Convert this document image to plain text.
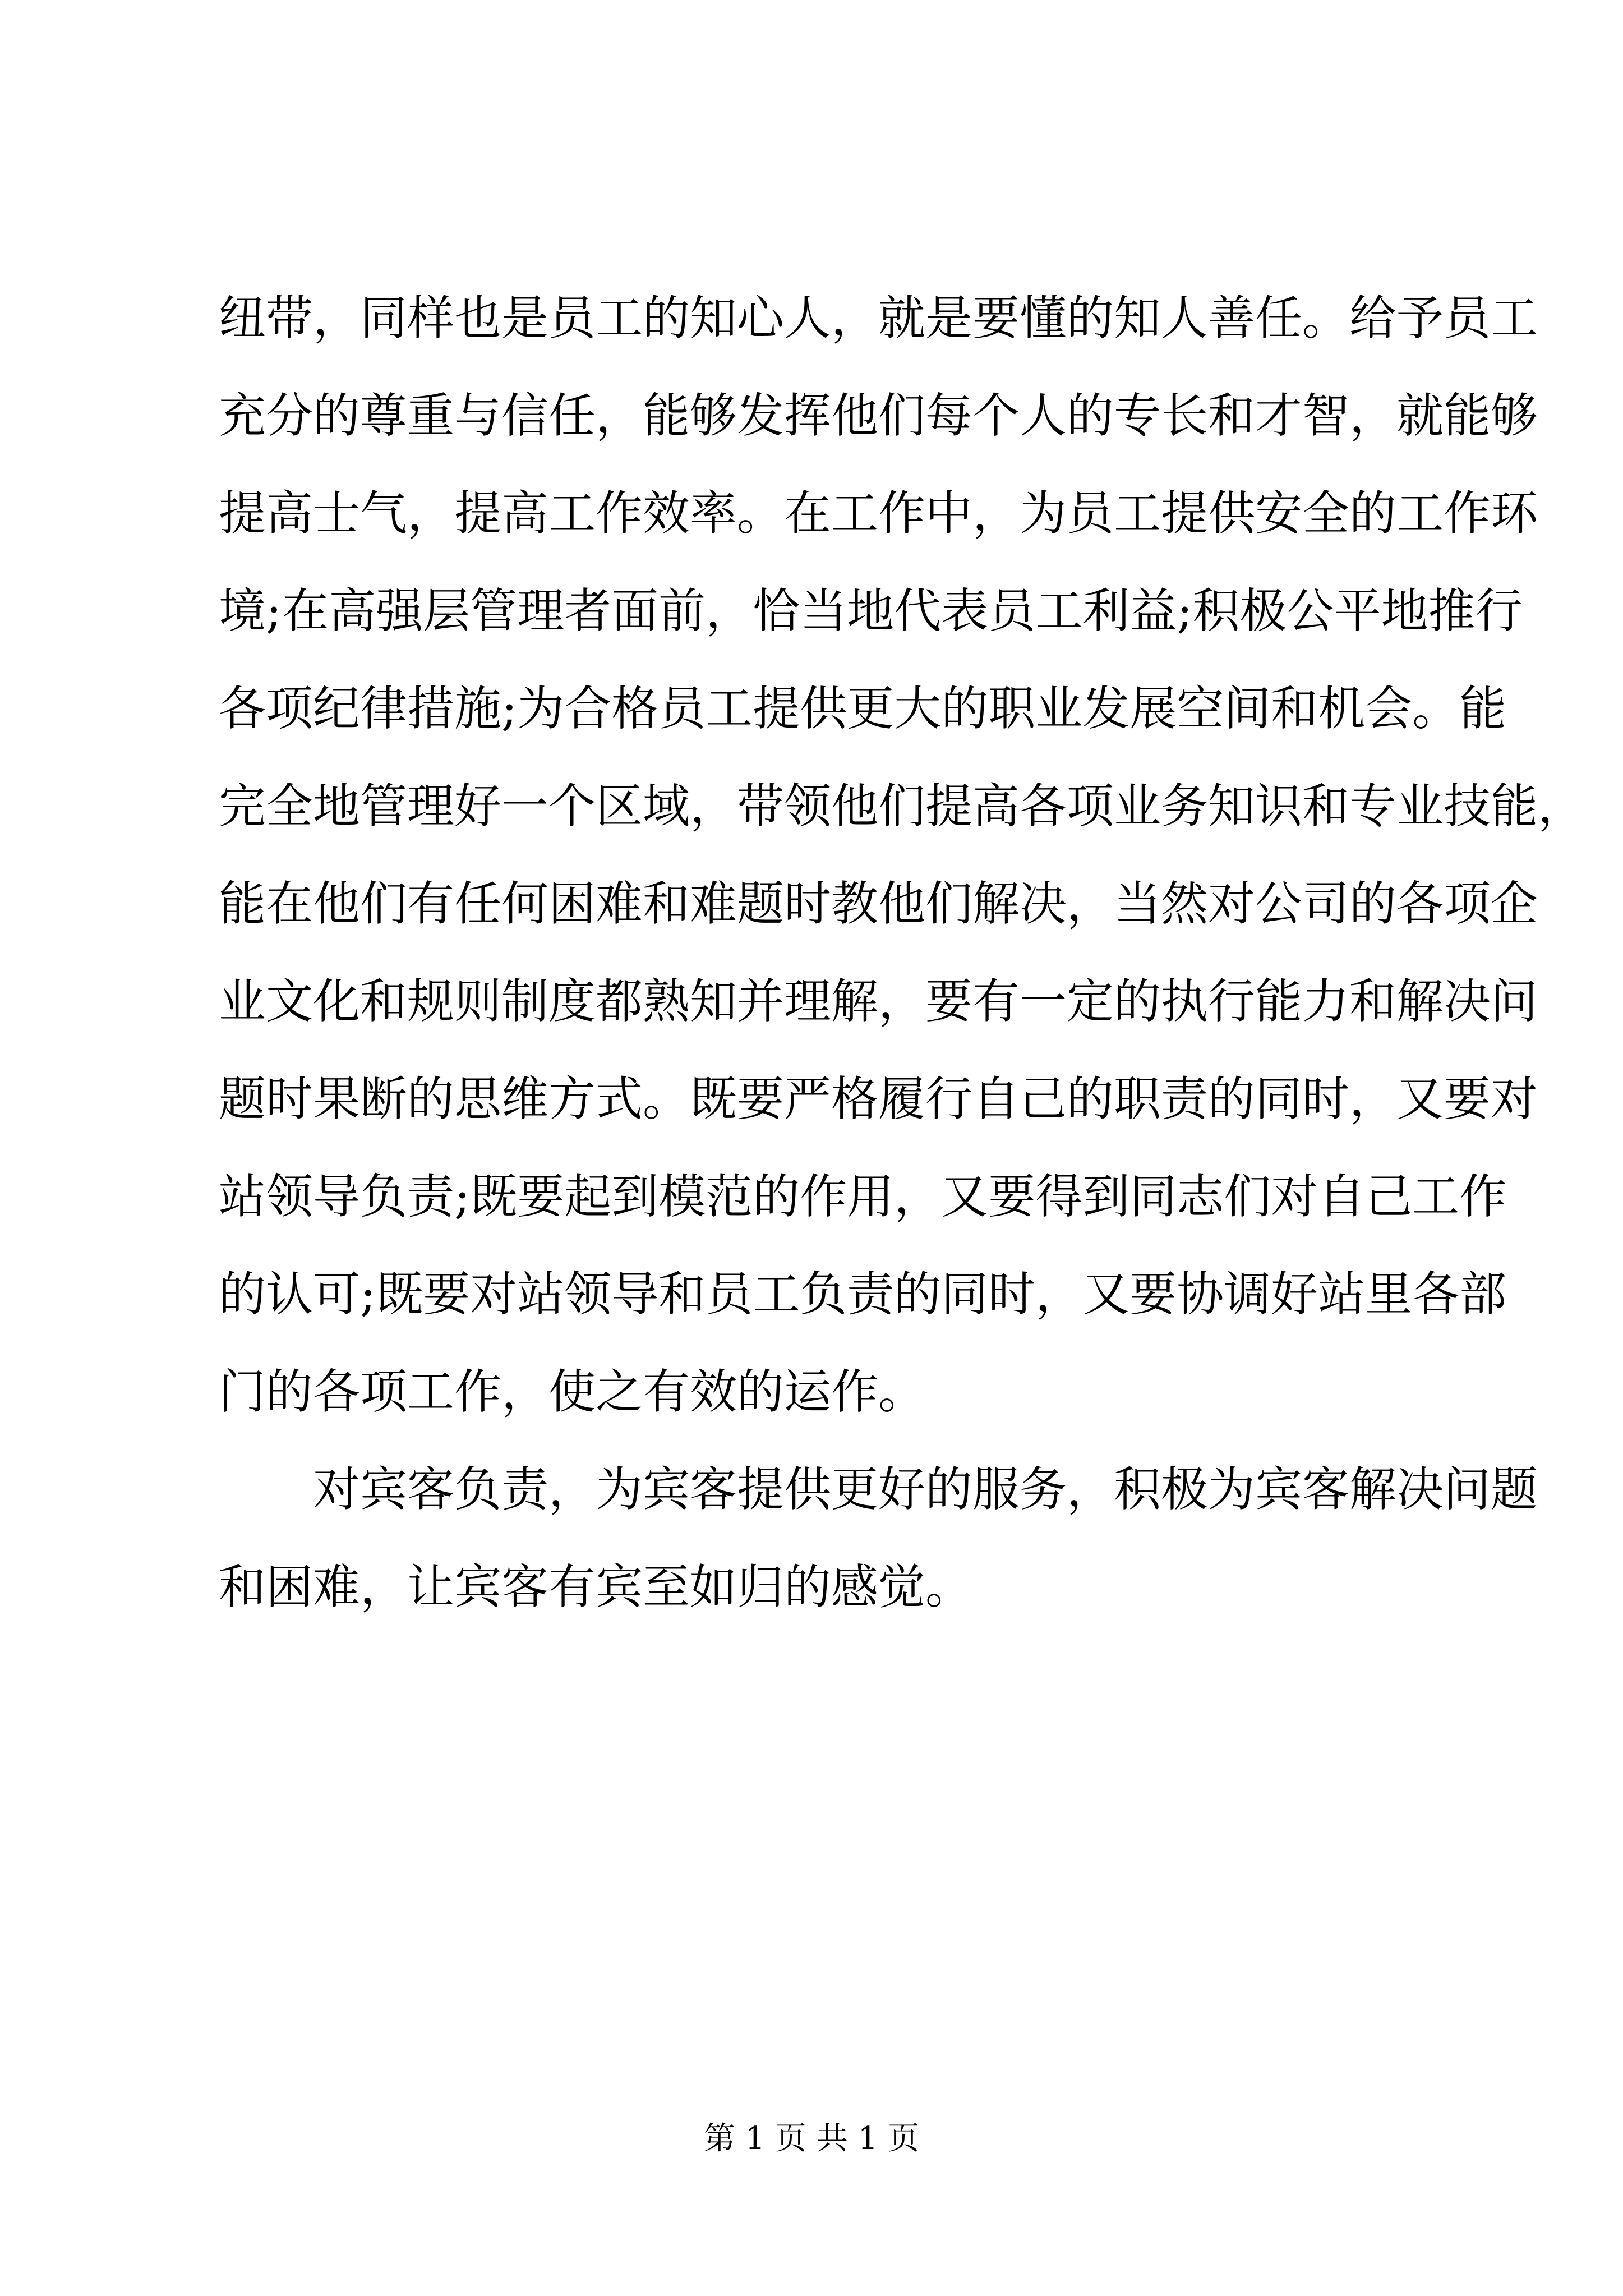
纽带，同样也是员工的知心人，就是要懂的知人善任。给予员工
充分的尊重与信任，能够发挥他们每个人的专长和才智，就能够
提高士气，提高工作效率。在工作中，为员工提供安全的工作环
境;在高强层管理者面前，恰当地代表员工利益;积极公平地推行
各项纪律措施;为合格员工提供更大的职业发展空间和机会。能
完全地管理好一个区域，带领他们提高各项业务知识和专业技能，
能在他们有任何困难和难题时教他们解决，当然对公司的各项企
业文化和规则制度都熟知并理解，要有一定的执行能力和解决问
题时果断的思维方式。既要严格履行自己的职责的同时，又要对
站领导负责;既要起到模范的作用，又要得到同志们对自己工作
的认可;既要对站领导和员工负责的同时，又要协调好站里各部
门的各项工作，使之有效的运作。
对宾客负责，为宾客提供更好的服务，积极为宾客解决问题
和困难，让宾客有宾至如归的感觉。
第 1 页 共 1 页
